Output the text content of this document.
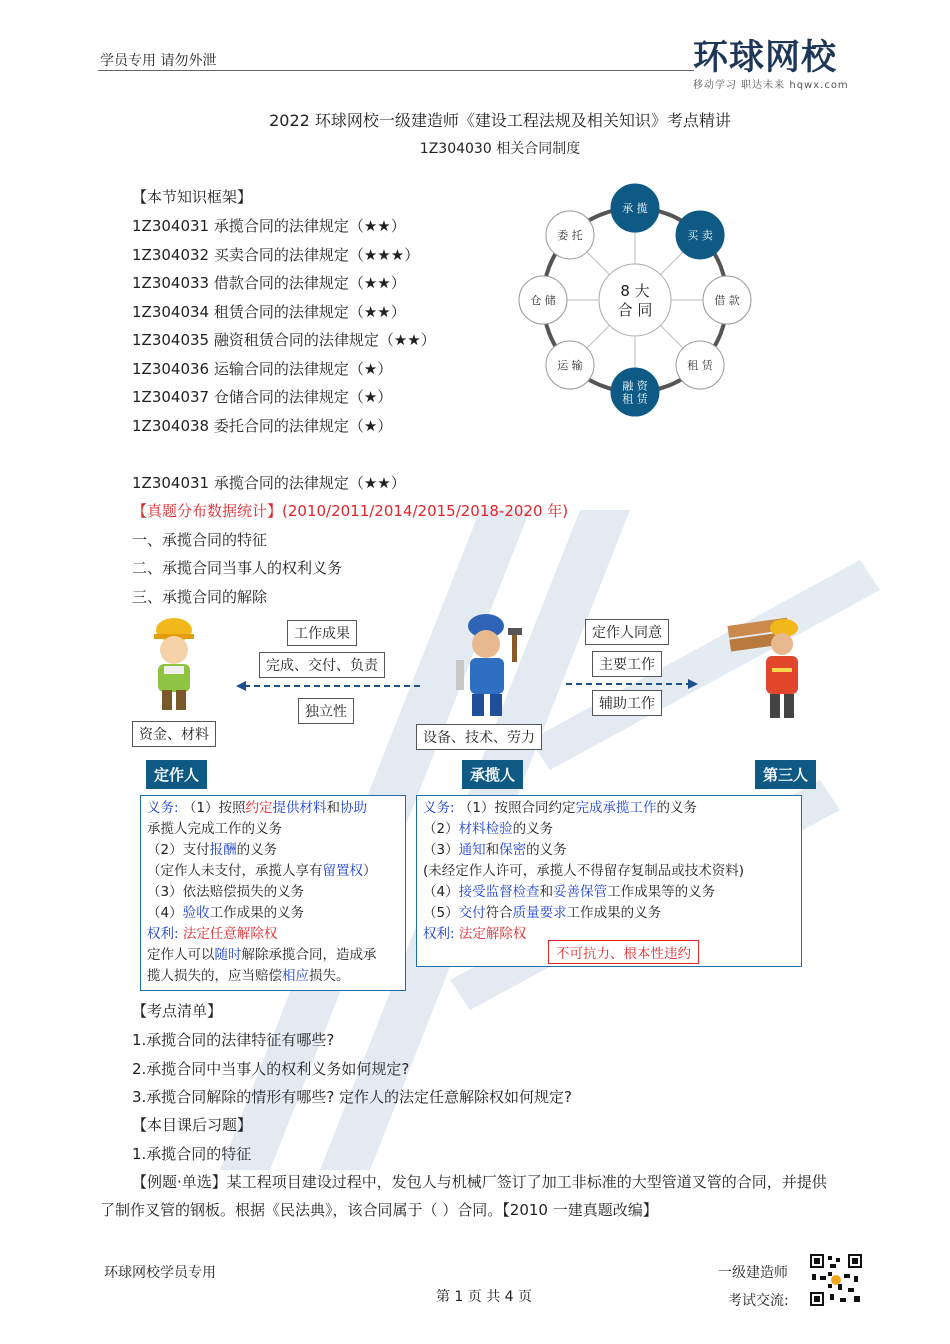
学员专用 请勿外泄	环球网校
移动学习 职达未来 hqwx.com
2022 环球网校一级建造师《建设工程法规及相关知识》考点精讲
1Z304030 相关合同制度
【本节知识框架】
1Z304031 承揽合同的法律规定（★★）
1Z304032 买卖合同的法律规定（★★★）
1Z304033 借款合同的法律规定（★★）
1Z304034 租赁合同的法律规定（★★）
1Z304035 融资租赁合同的法律规定（★★）
1Z304036 运输合同的法律规定（★）
1Z304037 仓储合同的法律规定（★）
1Z304038 委托合同的法律规定（★）
承 揽
买 卖
借 款
租 赁
融 资
租 赁
运 输
仓 储
委 托
8 大
合 同
1Z304031 承揽合同的法律规定（★★）
【真题分布数据统计】(2010/2011/2014/2015/2018-2020 年)
一、承揽合同的特征
二、承揽合同当事人的权利义务
三、承揽合同的解除
工作成果
完成、交付、负责
独立性
资金、材料	设备、技术、劳力
定作人同意
主要工作
辅助工作
定作人	承揽人	第三人
义务: （1）按照约定提供材料和协助
承揽人完成工作的义务
（2）支付报酬的义务
（定作人未支付，承揽人享有留置权）
（3）依法赔偿损失的义务
（4）验收工作成果的义务
权利: 法定任意解除权
定作人可以随时解除承揽合同，造成承
揽人损失的，应当赔偿相应损失。
义务: （1）按照合同约定完成承揽工作的义务
（2）材料检验的义务
（3）通知和保密的义务
(未经定作人许可，承揽人不得留存复制品或技术资料)
（4）接受监督检查和妥善保管工作成果等的义务
（5）交付符合质量要求工作成果的义务
权利: 法定解除权
不可抗力、根本性违约
【考点清单】
1.承揽合同的法律特征有哪些?
2.承揽合同中当事人的权利义务如何规定?
3.承揽合同解除的情形有哪些? 定作人的法定任意解除权如何规定?
【本目课后习题】
1.承揽合同的特征
【例题·单选】某工程项目建设过程中，发包人与机械厂签订了加工非标准的大型管道叉管的合同，并提供
了制作叉管的钢板。根据《民法典》，该合同属于（ ）合同。【2010 一建真题改编】
环球网校学员专用
第 1 页 共 4 页
一级建造师
考试交流:
